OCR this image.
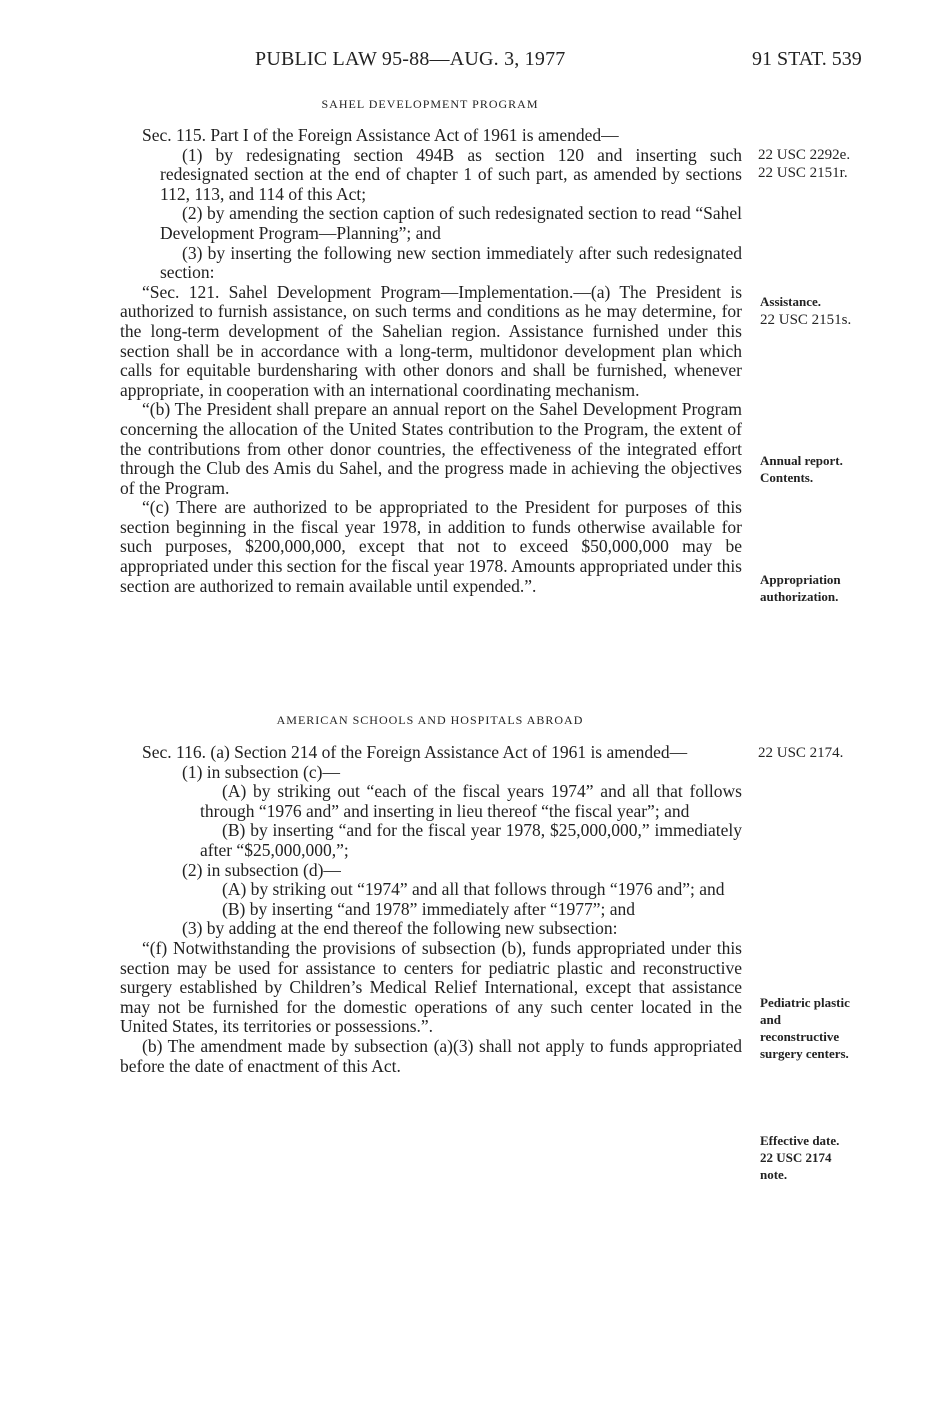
PUBLIC LAW 95-88—AUG. 3, 1977	91 STAT. 539
SAHEL DEVELOPMENT PROGRAM

Sec. 115. Part I of the Foreign Assistance Act of 1961 is amended—

(1) by redesignating section 494B as section 120 and inserting such redesignated section at the end of chapter 1 of such part, as amended by sections 112, 113, and 114 of this Act;

(2) by amending the section caption of such redesignated section to read “Sahel Development Program—Planning”; and

(3) by inserting the following new section immediately after such redesignated section:

“Sec. 121. Sahel Development Program—Implementation.—(a) The President is authorized to furnish assistance, on such terms and conditions as he may determine, for the long-term development of the Sahelian region. Assistance furnished under this section shall be in accordance with a long-term, multidonor development plan which calls for equitable burdensharing with other donors and shall be furnished, whenever appropriate, in cooperation with an international coordinating mechanism.

“(b) The President shall prepare an annual report on the Sahel Development Program concerning the allocation of the United States contribution to the Program, the extent of the contributions from other donor countries, the effectiveness of the integrated effort through the Club des Amis du Sahel, and the progress made in achieving the objectives of the Program.

“(c) There are authorized to be appropriated to the President for purposes of this section beginning in the fiscal year 1978, in addition to funds otherwise available for such purposes, $200,000,000, except that not to exceed $50,000,000 may be appropriated under this section for the fiscal year 1978. Amounts appropriated under this section are authorized to remain available until expended.”.

AMERICAN SCHOOLS AND HOSPITALS ABROAD

Sec. 116. (a) Section 214 of the Foreign Assistance Act of 1961 is amended—

(1) in subsection (c)—

(A) by striking out “each of the fiscal years 1974” and all that follows through “1976 and” and inserting in lieu thereof “the fiscal year”; and

(B) by inserting “and for the fiscal year 1978, $25,000,000,” immediately after “$25,000,000,”;

(2) in subsection (d)—

(A) by striking out “1974” and all that follows through “1976 and”; and

(B) by inserting “and 1978” immediately after “1977”; and

(3) by adding at the end thereof the following new subsection:

“(f) Notwithstanding the provisions of subsection (b), funds appropriated under this section may be used for assistance to centers for pediatric plastic and reconstructive surgery established by Children’s Medical Relief International, except that assistance may not be furnished for the domestic operations of any such center located in the United States, its territories or possessions.”.

(b) The amendment made by subsection (a)(3) shall not apply to funds appropriated before the date of enactment of this Act.

22 USC 2292e.
22 USC 2151r.
Assistance.
22 USC 2151s.
Annual report.
Contents.
Appropriation
authorization.
22 USC 2174.
Pediatric plastic
and
reconstructive
surgery centers.
Effective date.
22 USC 2174
note.
